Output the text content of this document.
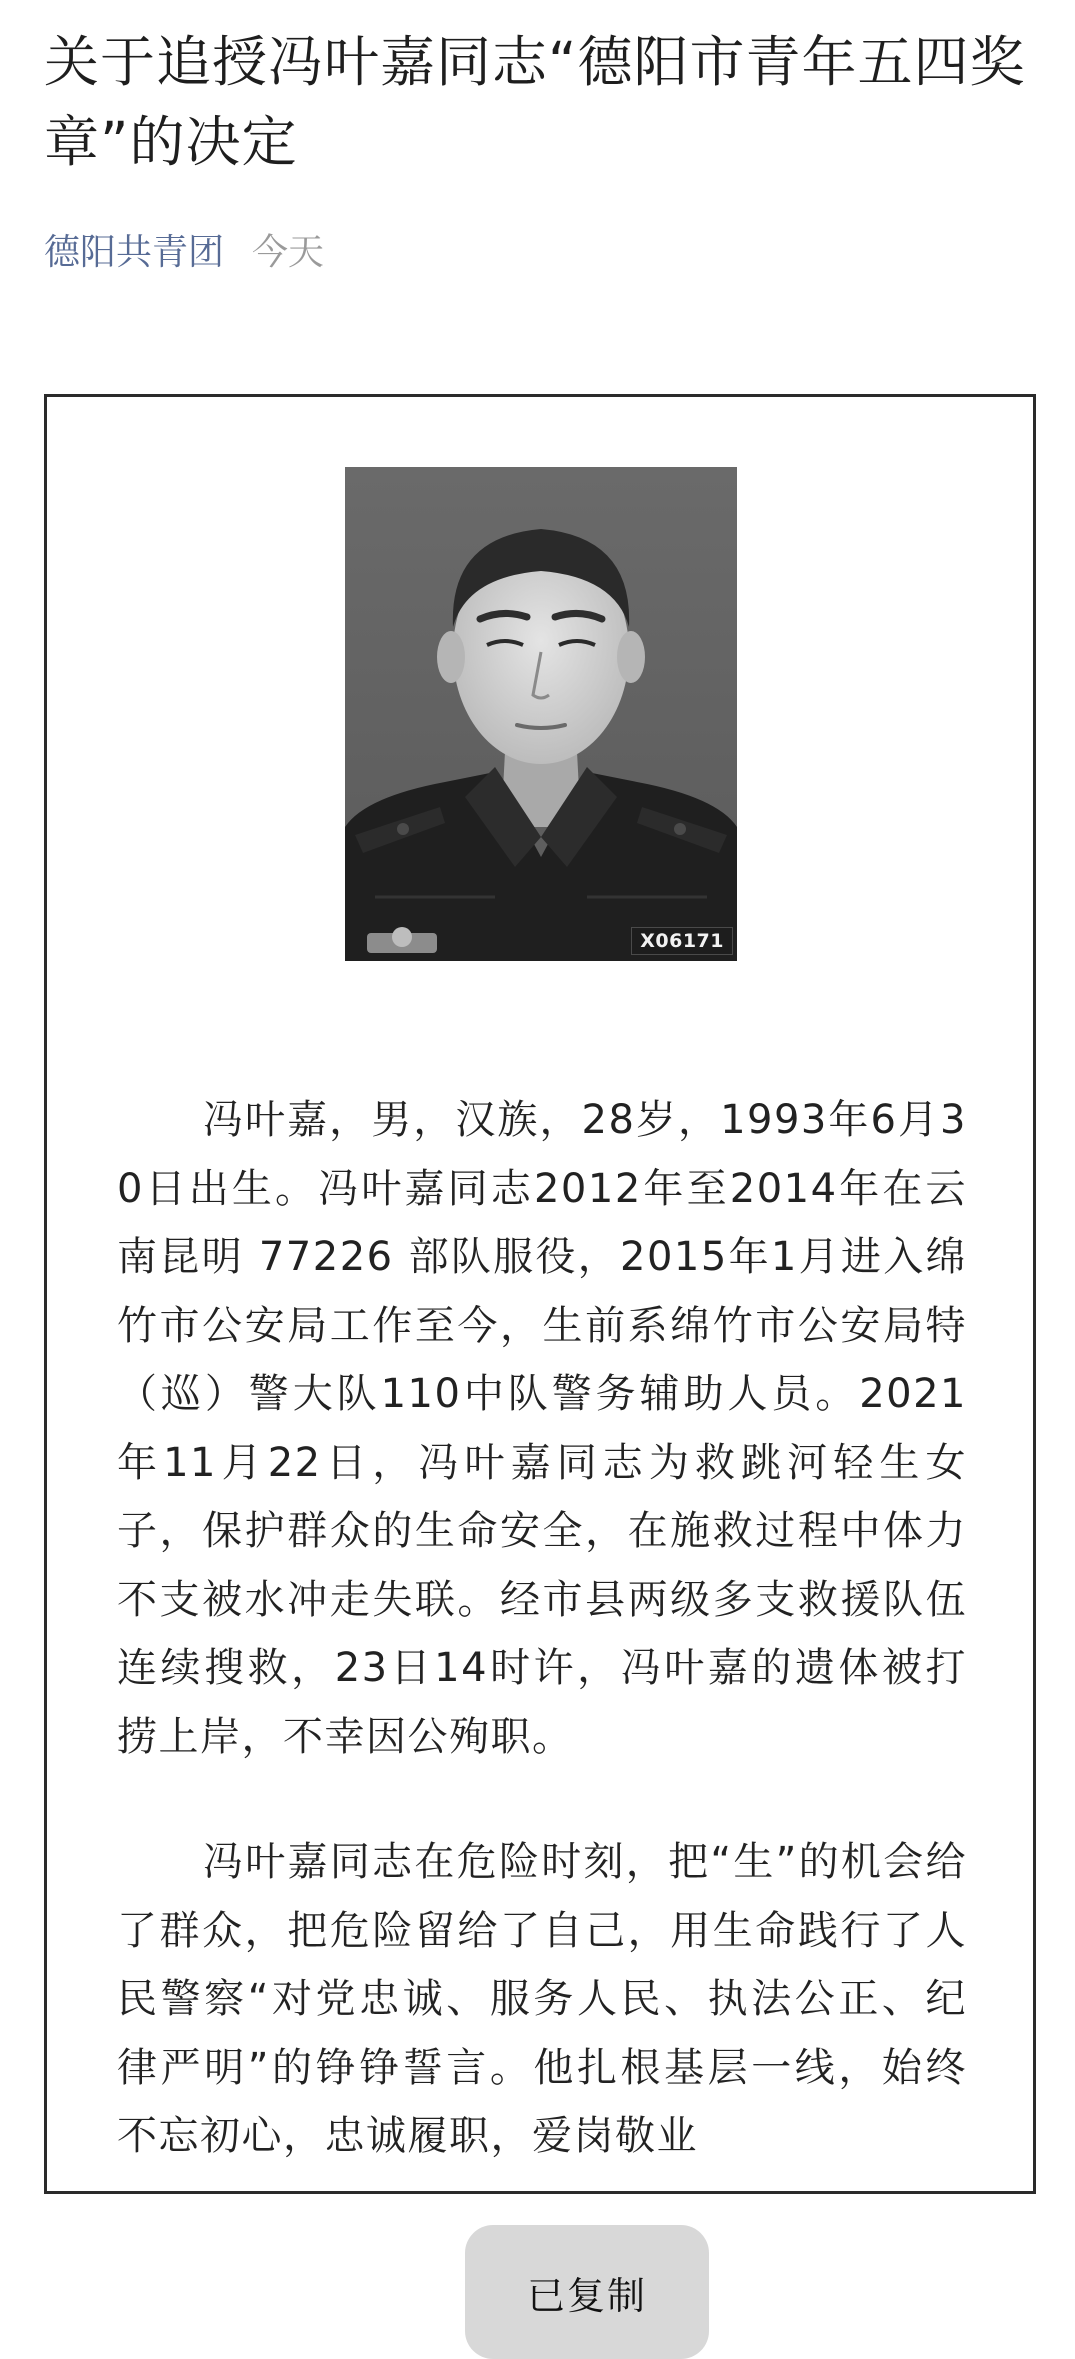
关于追授冯叶嘉同志“德阳市青年五四奖章”的决定
德阳共青团 今天
X06171

冯叶嘉，男，汉族，28岁，1993年6月30日出生。冯叶嘉同志2012年至2014年在云南昆明 77226 部队服役，2015年1月进入绵竹市公安局工作至今，生前系绵竹市公安局特（巡）警大队110中队警务辅助人员。2021年11月22日，冯叶嘉同志为救跳河轻生女子，保护群众的生命安全，在施救过程中体力不支被水冲走失联。经市县两级多支救援队伍连续搜救，23日14时许，冯叶嘉的遗体被打捞上岸，不幸因公殉职。

冯叶嘉同志在危险时刻，把“生”的机会给了群众，把危险留给了自己，用生命践行了人民警察“对党忠诚、服务人民、执法公正、纪律严明”的铮铮誓言。他扎根基层一线，始终不忘初心，忠诚履职，爱岗敬业

已复制
